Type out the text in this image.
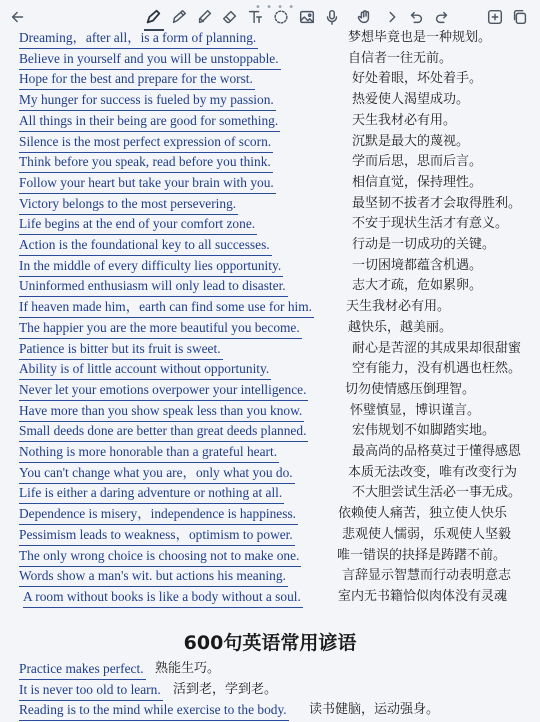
• • • •
Dreaming，after all，is a form of planning.	梦想毕竟也是一种规划。
Believe in yourself and you will be unstoppable.	自信者一往无前。
Hope for the best and prepare for the worst.	好处着眼，坏处着手。
My hunger for success is fueled by my passion.	热爱使人渴望成功。
All things in their being are good for something.	天生我材必有用。
Silence is the most perfect expression of scorn.	沉默是最大的蔑视。
Think before you speak, read before you think.	学而后思，思而后言。
Follow your heart but take your brain with you.	相信直觉，保持理性。
Victory belongs to the most persevering.	最坚韧不拔者才会取得胜利。
Life begins at the end of your comfort zone.	不安于现状生活才有意义。
Action is the foundational key to all successes.	行动是一切成功的关键。
In the middle of every difficulty lies opportunity.	一切困境都蕴含机遇。
Uninformed enthusiasm will only lead to disaster.	志大才疏，危如累卵。
If heaven made him，earth can find some use for him.	天生我材必有用。
The happier you are the more beautiful you become.	越快乐，越美丽。
Patience is bitter but its fruit is sweet.	耐心是苦涩的其成果却很甜蜜
Ability is of little account without opportunity.	空有能力，没有机遇也枉然。
Never let your emotions overpower your intelligence.	切勿使情感压倒理智。
Have more than you show speak less than you know.	怀璧慎显，博识谨言。
Small deeds done are better than great deeds planned.	宏伟规划不如脚踏实地。
Nothing is more honorable than a grateful heart.	最高尚的品格莫过于懂得感恩
You can't change what you are，only what you do.	本质无法改变，唯有改变行为
Life is either a daring adventure or nothing at all.	不大胆尝试生活必一事无成。
Dependence is misery，independence is happiness.	依赖使人痛苦，独立使人快乐
Pessimism leads to weakness，optimism to power.	悲观使人懦弱，乐观使人坚毅
The only wrong choice is choosing not to make one.	唯一错误的抉择是踌躇不前。
Words show a man's wit. but actions his meaning.	言辞显示智慧而行动表明意志
A room without books is like a body without a soul.	室内无书籍恰似肉体没有灵魂
600句英语常用谚语
Practice makes perfect. 熟能生巧。
It is never too old to learn. 活到老，学到老。
Reading is to the mind while exercise to the body. 读书健脑，运动强身。
